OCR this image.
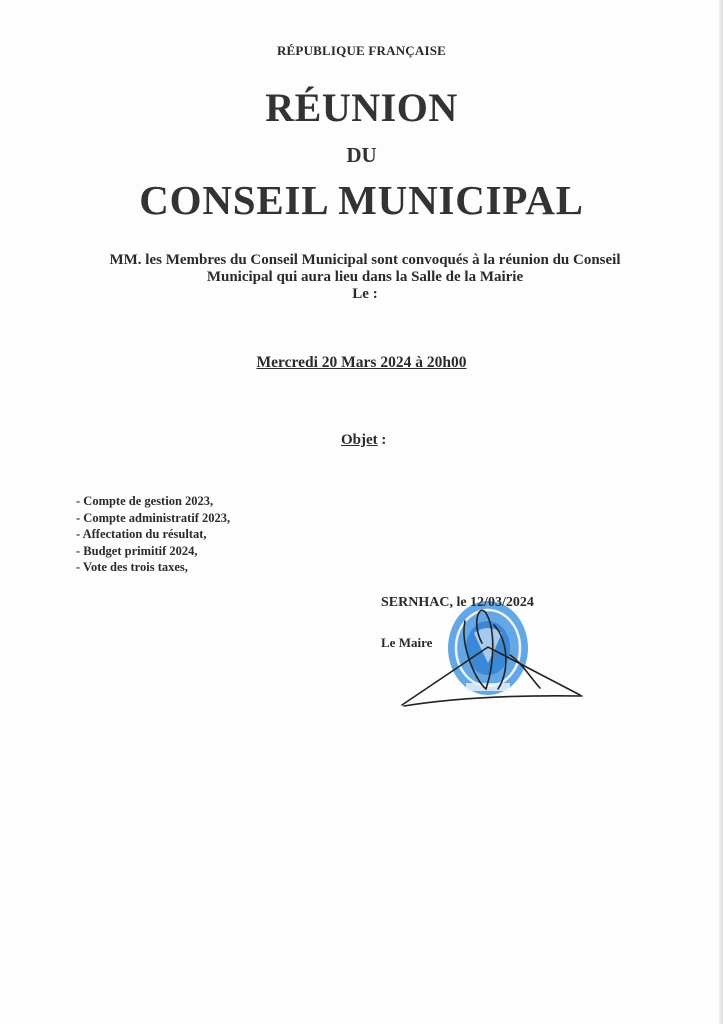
RÉPUBLIQUE FRANÇAISE
RÉUNION
DU
CONSEIL MUNICIPAL
MM. les Membres du Conseil Municipal sont convoqués à la réunion du Conseil
Municipal qui aura lieu dans la Salle de la Mairie
Le :
Mercredi 20 Mars 2024 à 20h00
Objet :
- Compte de gestion 2023,
- Compte administratif 2023,
- Affectation du résultat,
- Budget primitif 2024,
- Vote des trois taxes,
SERNHAC, le 12/03/2024
Le Maire
